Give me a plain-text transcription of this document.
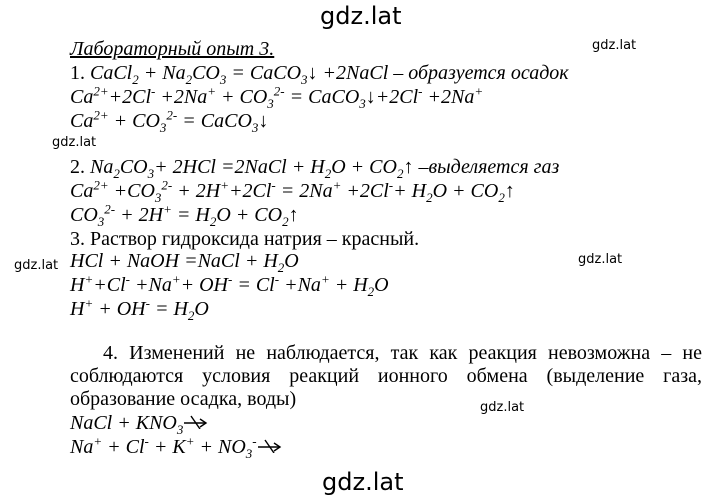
gdz.lat
gdz.lat
gdz.lat
gdz.lat	gdz.lat
gdz.lat
gdz.lat
Лабораторный опыт 3.
1. CaCl$_2$ + $Na_2CO_3$ = CaCO$_3$↓ +2NaCl – образуется осадок
$Ca^{2+}+2Cl^- +2Na^+ + CO_3^{2-}$ = CaCO$_3$↓+2Cl- +2Na+
$Ca^{2+} + CO_3^{2-}$ = CaCO$_3$↓
2. $Na_2CO_3+ 2HCl$ =2NaCl + $H_2O$ + $CO_2↑$ –выделяется газ
$Ca^{2+} +CO_3^{2-} + 2H^++2Cl^- = 2Na^+ +2Cl^-+ H_2O$ + $CO_2↑$
$CO_3^{2-} + 2H^+ = H_2O$ + $CO_2↑$
3. Раствор гидроксида натрия – красный.
HCl + NaOH =NaCl + $H_2O$
$H^++Cl^- +Na^++ OH^- = Cl^- +Na^+ + H_2O$
$H^+ + OH^- = H_2O$
4. Изменений не наблюдается, так как реакция невозможна – не соблюдаются условия реакций ионного обмена (выделение газа, образование осадка, воды)
NaCl + $KNO_3$
$Na^+ + Cl^- + K^+ + NO_3^-$
